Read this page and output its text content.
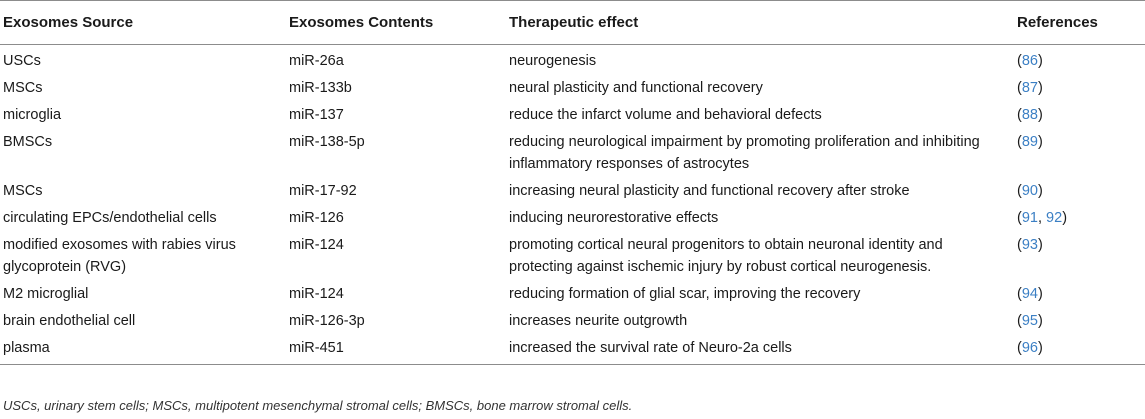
Exosomes Source	Exosomes Contents	Therapeutic effect	References
USCs	miR-26a	neurogenesis	(86)
MSCs	miR-133b	neural plasticity and functional recovery	(87)
microglia	miR-137	reduce the infarct volume and behavioral defects	(88)
BMSCs	miR-138-5p	reducing neurological impairment by promoting proliferation and inhibiting inflammatory responses of astrocytes	(89)
MSCs	miR-17-92	increasing neural plasticity and functional recovery after stroke	(90)
circulating EPCs/endothelial cells	miR-126	inducing neurorestorative effects	(91, 92)
modified exosomes with rabies virus glycoprotein (RVG)	miR-124	promoting cortical neural progenitors to obtain neuronal identity and protecting against ischemic injury by robust cortical neurogenesis.	(93)
M2 microglial	miR-124	reducing formation of glial scar, improving the recovery	(94)
brain endothelial cell	miR-126-3p	increases neurite outgrowth	(95)
plasma	miR-451	increased the survival rate of Neuro-2a cells	(96)
USCs, urinary stem cells; MSCs, multipotent mesenchymal stromal cells; BMSCs, bone marrow stromal cells.
